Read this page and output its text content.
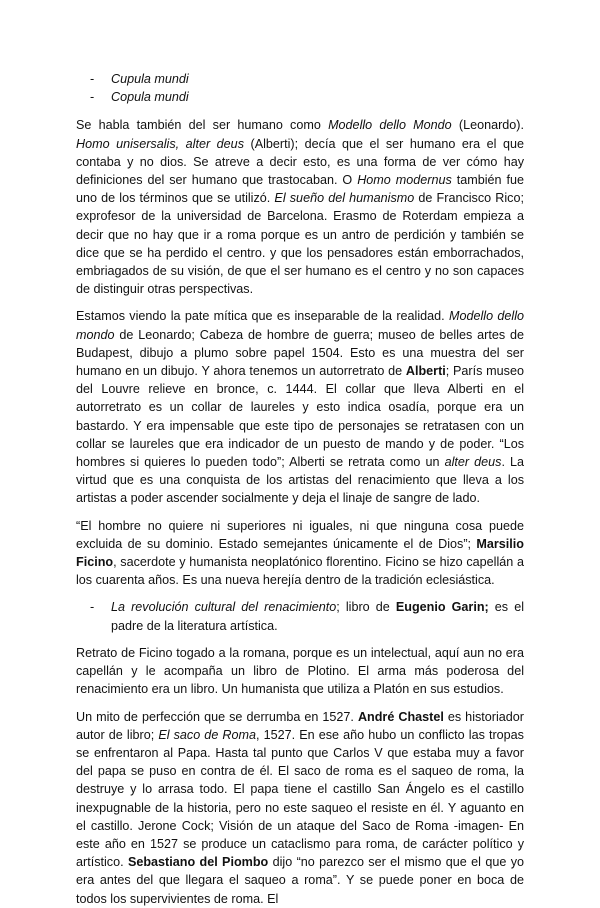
- Cupula mundi
- Copula mundi

Se habla también del ser humano como Modello dello Mondo (Leonardo). Homo unisersalis, alter deus (Alberti); decía que el ser humano era el que contaba y no dios. Se atreve a decir esto, es una forma de ver cómo hay definiciones del ser humano que trastocaban. O Homo modernus también fue uno de los términos que se utilizó. El sueño del humanismo de Francisco Rico; exprofesor de la universidad de Barcelona. Erasmo de Roterdam empieza a decir que no hay que ir a roma porque es un antro de perdición y también se dice que se ha perdido el centro. y que los pensadores están emborrachados, embriagados de su visión, de que el ser humano es el centro y no son capaces de distinguir otras perspectivas.

Estamos viendo la pate mítica que es inseparable de la realidad. Modello dello mondo de Leonardo; Cabeza de hombre de guerra; museo de belles artes de Budapest, dibujo a plumo sobre papel 1504. Esto es una muestra del ser humano en un dibujo. Y ahora tenemos un autorretrato de Alberti; París museo del Louvre relieve en bronce, c. 1444. El collar que lleva Alberti en el autorretrato es un collar de laureles y esto indica osadía, porque era un bastardo. Y era impensable que este tipo de personajes se retratasen con un collar se laureles que era indicador de un puesto de mando y de poder. “Los hombres si quieres lo pueden todo”; Alberti se retrata como un alter deus. La virtud que es una conquista de los artistas del renacimiento que lleva a los artistas a poder ascender socialmente y deja el linaje de sangre de lado.

“El hombre no quiere ni superiores ni iguales, ni que ninguna cosa puede excluida de su dominio. Estado semejantes únicamente el de Dios”; Marsilio Ficino, sacerdote y humanista neoplatónico florentino. Ficino se hizo capellán a los cuarenta años. Es una nueva herejía dentro de la tradición eclesiástica.

- La revolución cultural del renacimiento; libro de Eugenio Garin; es el padre de la literatura artística.

Retrato de Ficino togado a la romana, porque es un intelectual, aquí aun no era capellán y le acompaña un libro de Plotino. El arma más poderosa del renacimiento era un libro. Un humanista que utiliza a Platón en sus estudios.

Un mito de perfección que se derrumba en 1527. André Chastel es historiador autor de libro; El saco de Roma, 1527. En ese año hubo un conflicto las tropas se enfrentaron al Papa. Hasta tal punto que Carlos V que estaba muy a favor del papa se puso en contra de él. El saco de roma es el saqueo de roma, la destruye y lo arrasa todo. El papa tiene el castillo San Ángelo es el castillo inexpugnable de la historia, pero no este saqueo el resiste en él. Y aguanto en el castillo. Jerone Cock; Visión de un ataque del Saco de Roma -imagen- En este año en 1527 se produce un cataclismo para roma, de carácter político y artístico. Sebastiano del Piombo dijo “no parezco ser el mismo que el que yo era antes del que llegara el saqueo a roma”. Y se puede poner en boca de todos los supervivientes de roma. El
